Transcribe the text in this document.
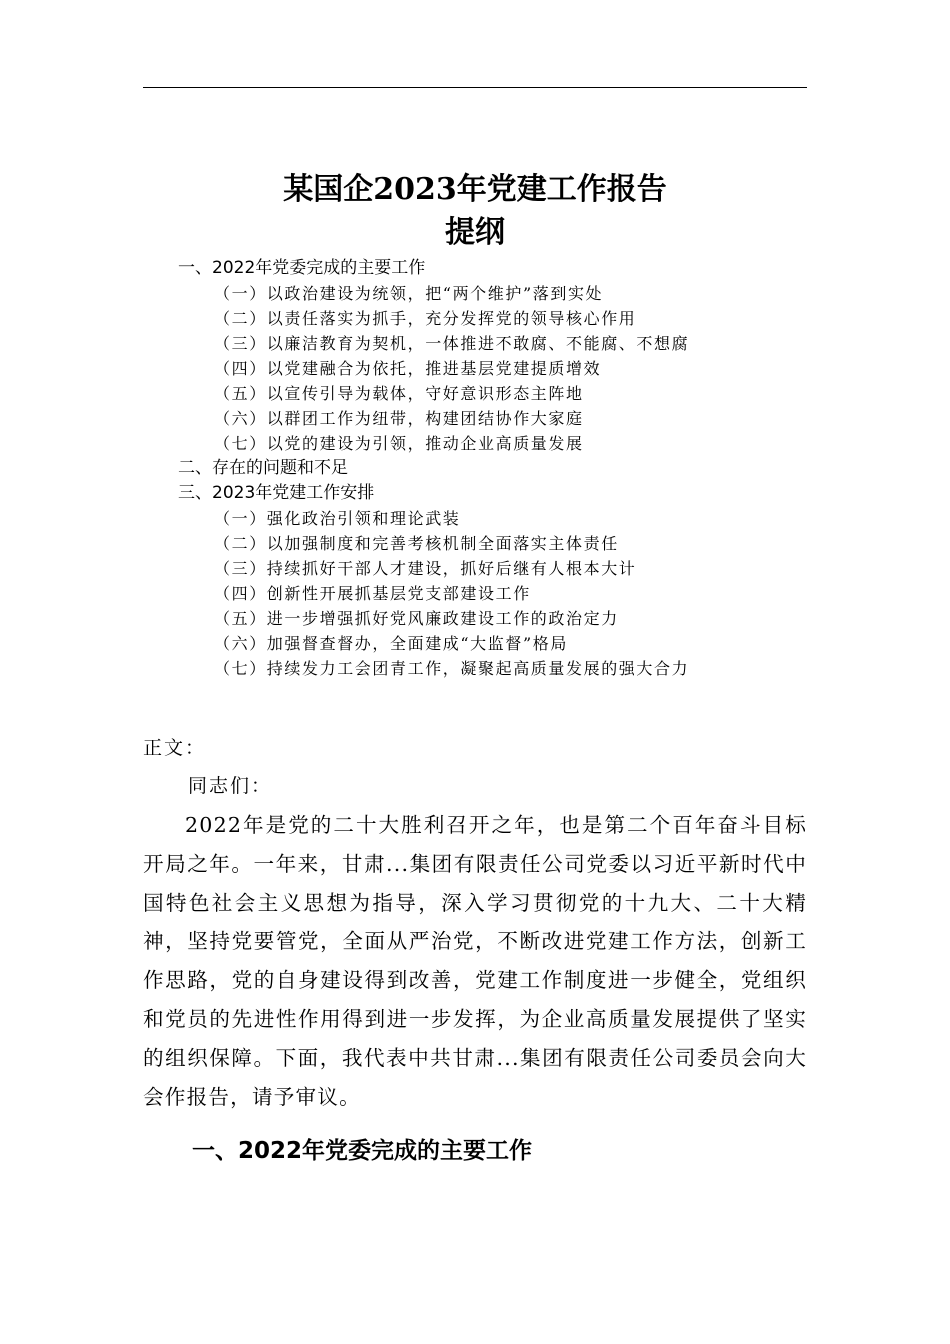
某国企2023年党建工作报告
提纲
一、2022年党委完成的主要工作
（一）以政治建设为统领，把“两个维护”落到实处
（二）以责任落实为抓手，充分发挥党的领导核心作用
（三）以廉洁教育为契机，一体推进不敢腐、不能腐、不想腐
（四）以党建融合为依托，推进基层党建提质增效
（五）以宣传引导为载体，守好意识形态主阵地
（六）以群团工作为纽带，构建团结协作大家庭
（七）以党的建设为引领，推动企业高质量发展
二、存在的问题和不足
三、2023年党建工作安排
（一）强化政治引领和理论武装
（二）以加强制度和完善考核机制全面落实主体责任
（三）持续抓好干部人才建设，抓好后继有人根本大计
（四）创新性开展抓基层党支部建设工作
（五）进一步增强抓好党风廉政建设工作的政治定力
（六）加强督查督办，全面建成“大监督”格局
（七）持续发力工会团青工作，凝聚起高质量发展的强大合力
正文：
同志们：

2022年是党的二十大胜利召开之年，也是第二个百年奋斗目标开局之年。一年来，甘肃...集团有限责任公司党委以习近平新时代中国特色社会主义思想为指导，深入学习贯彻党的十九大、二十大精神，坚持党要管党，全面从严治党，不断改进党建工作方法，创新工作思路，党的自身建设得到改善，党建工作制度进一步健全，党组织和党员的先进性作用得到进一步发挥，为企业高质量发展提供了坚实的组织保障。下面，我代表中共甘肃...集团有限责任公司委员会向大会作报告，请予审议。

一、2022年党委完成的主要工作
